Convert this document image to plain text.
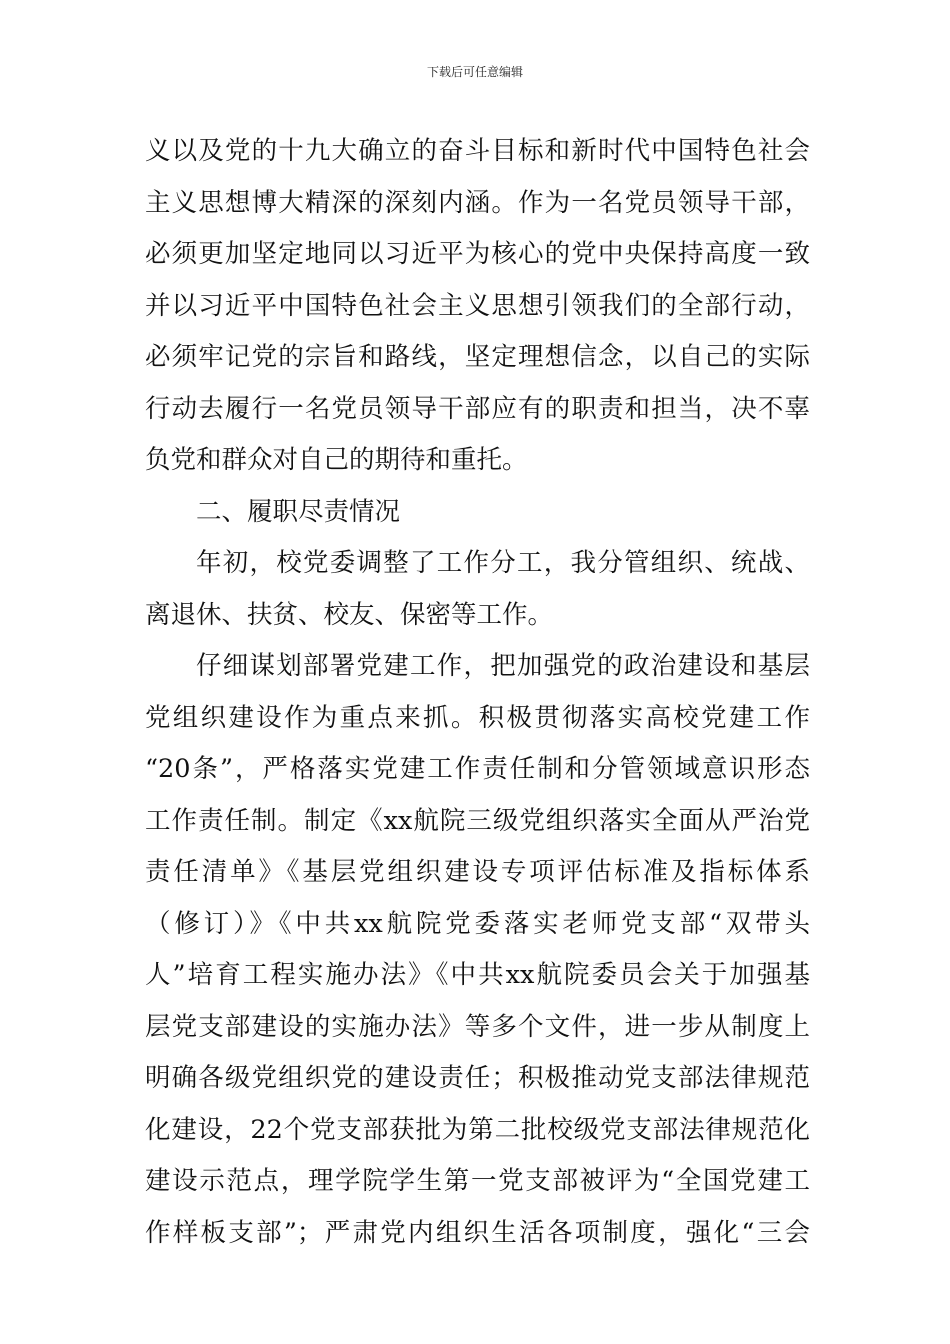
下载后可任意编辑
义以及党的十九大确立的奋斗目标和新时代中国特色社会
主义思想博大精深的深刻内涵。作为一名党员领导干部，
必须更加坚定地同以习近平为核心的党中央保持高度一致
并以习近平中国特色社会主义思想引领我们的全部行动，
必须牢记党的宗旨和路线，坚定理想信念，以自己的实际
行动去履行一名党员领导干部应有的职责和担当，决不辜
负党和群众对自己的期待和重托。
二、履职尽责情况
年初，校党委调整了工作分工，我分管组织、统战、
离退休、扶贫、校友、保密等工作。
仔细谋划部署党建工作，把加强党的政治建设和基层
党组织建设作为重点来抓。积极贯彻落实高校党建工作
“20条”，严格落实党建工作责任制和分管领域意识形态
工作责任制。制定《xx航院三级党组织落实全面从严治党
责任清单》《基层党组织建设专项评估标准及指标体系
（修订）》《中共xx航院党委落实老师党支部“双带头
人”培育工程实施办法》《中共xx航院委员会关于加强基
层党支部建设的实施办法》等多个文件，进一步从制度上
明确各级党组织党的建设责任；积极推动党支部法律规范
化建设，22个党支部获批为第二批校级党支部法律规范化
建设示范点，理学院学生第一党支部被评为“全国党建工
作样板支部”；严肃党内组织生活各项制度，强化“三会
